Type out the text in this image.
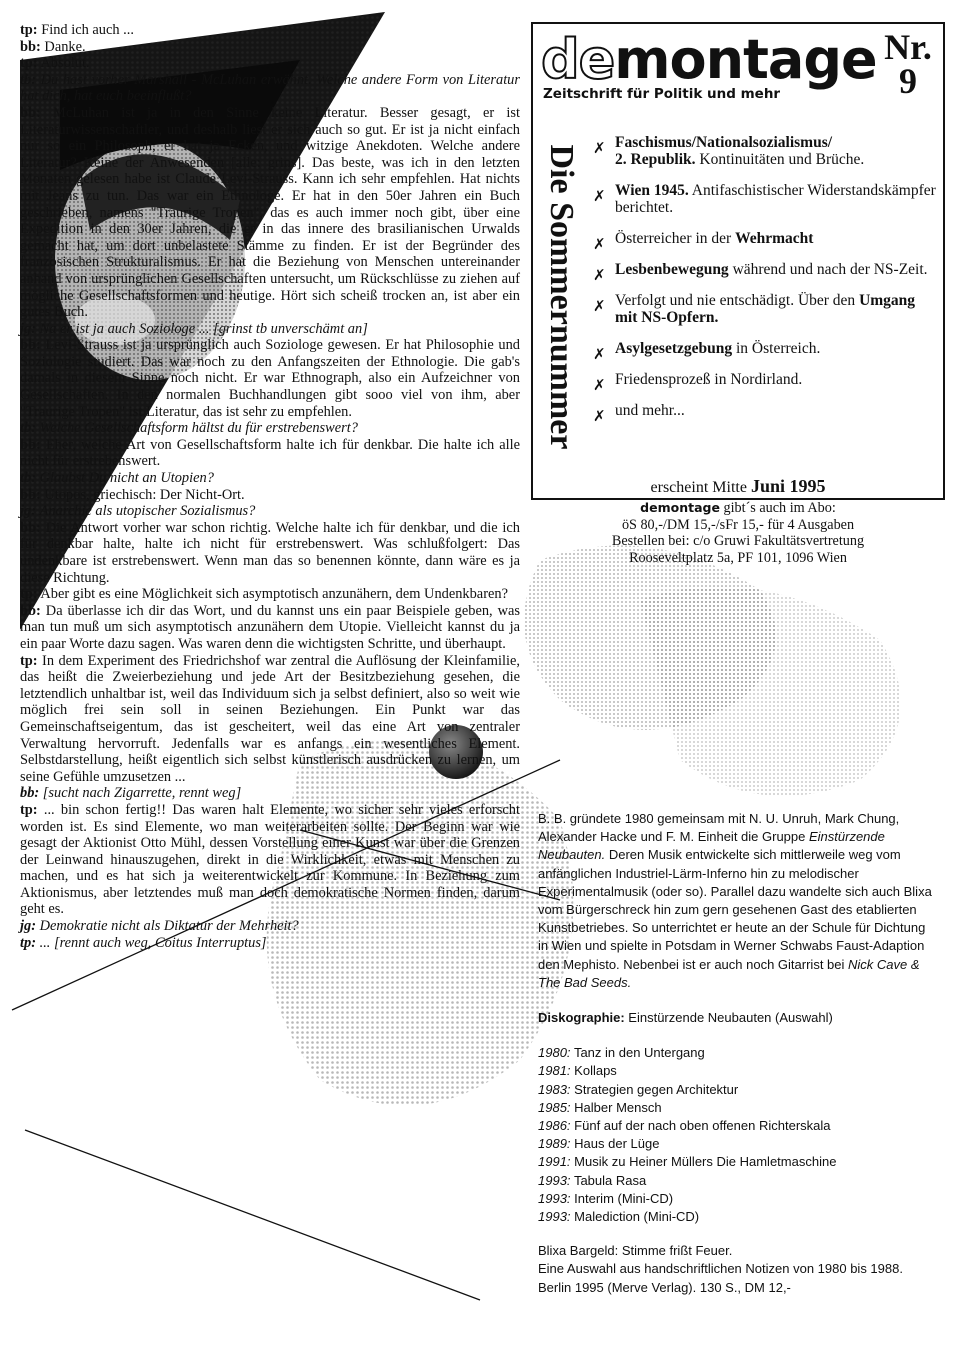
tp: Find ich auch ...

bb: Danke.

tp: Absolut.

tb: Du hast vorher Marshall - McLuhan erwähnt. Welche andere Form von Literatur hat dich, hat euch beeinflußt?

bb: McLuhan ist ja in den Sinne keine Literatur. Besser gesagt, er ist Literaturwissenschaftler, und deshalb liest er sich auch so gut. Er ist ja nicht einfach nur so ein Philosoph, er hat ja Ecken, und witzige Anekdoten. Welche andere Literatur? Keine der Anwesenden [alle: grins]. Das beste, was ich in den letzten Monaten gelesen habe ist Claude Levi-Strauss. Kann ich sehr empfehlen. Hat nichts mit Jeans zu tun. Das war ein Ethnologe. Er hat in den 50er Jahren ein Buch geschrieben, namens "Traurige Tropen", das es auch immer noch gibt, über eine Expedition in den 30er Jahren, die er in das innere des brasilianischen Urwalds gemacht hat, um dort unbelastete Stämme zu finden. Er ist der Begründer des französischen Strukturalismus. Er hat die Beziehung von Menschen untereinander anhand von ursprünglichen Gesellschaften untersucht, um Rückschlüsse zu ziehen auf mögliche Gesellschaftsformen und heutige. Hört sich scheiß trocken an, ist aber ein gutes Buch.

jg: Na er ist ja auch Soziologe ... [grinst tb unverschämt an]

bb: Levi-Strauss ist ja ursprünglich auch Soziologe gewesen. Er hat Philosophie und Soziologie studiert. Das war noch zu den Anfangszeiten der Ethnologie. Die gab's damals in diesem Sinne noch nicht. Er war Ethnograph, also ein Aufzeichner von Gesellschaften. In den normalen Buchhandlungen gibt sooo viel von ihm, aber "Traurige Tropen" ist Literatur, das ist sehr zu empfehlen.

tb: Welche Gesellschaftsform hältst du für erstrebenswert?

bb: Eher, welche Art von Gesellschaftsform halte ich für denkbar. Die halte ich alle nicht für erstrebenswert.

tb: Glaubst Du nicht an Utopien?

bb: Utopos, griechisch: Der Nicht-Ort.

jg: Anarchie als utopischer Sozialismus?

bb: Die Antwort vorher war schon richtig. Welche halte ich für denkbar, und die ich für denkbar halte, halte ich nicht für erstrebenswert. Was schlußfolgert: Das undenkbare ist erstrebenswert. Wenn man das so benennen könnte, dann wäre es ja diese Richtung.

tp: Aber gibt es eine Möglichkeit sich asymptotisch anzunähern, dem Undenkbaren?

bb: Da überlasse ich dir das Wort, und du kannst uns ein paar Beispiele geben, was man tun muß um sich asymptotisch anzunähern dem Utopie. Vielleicht kannst du ja ein paar Worte dazu sagen. Was waren denn die wichtigsten Schritte, und überhaupt.

tp: In dem Experiment des Friedrichshof war zentral die Auflösung der Kleinfamilie, das heißt die Zweierbeziehung und jede Art der Besitzbeziehung gesehen, die letztendlich unhaltbar ist, weil das Individuum sich ja selbst definiert, also so weit wie möglich frei sein soll in seinen Beziehungen. Ein Punkt war das Gemeinschaftseigentum, das ist gescheitert, weil das eine Art von zentraler Verwaltung hervorruft. Jedenfalls war es anfangs ein wesentliches Element. Selbstdarstellung, heißt eigentlich sich selbst künstlerisch ausdrücken zu lernen, um seine Gefühle umzusetzen ...

bb: [sucht nach Zigarrette, rennt weg]

tp: ... bin schon fertig!! Das waren halt Elemente, wo sicher sehr vieles erforscht worden ist. Es sind Elemente, wo man weiterarbeiten sollte. Der Beginn war wie gesagt der Aktionist Otto Mühl, dessen Vorstellung einer Kunst war über die Grenzen der Leinwand hinauszugehen, direkt in die Wirklichkeit, etwas mit Menschen zu machen, und es hat sich ja weiterentwickelt zur Kommune. In Beziehung zum Aktionismus, aber letztendes muß man doch demokratische Normen finden, darum geht es.

jg: Demokratie nicht als Diktatur der Mehrheit?

tp: ... [rennt auch weg, Coitus Interruptus]

demontage
Zeitschrift für Politik und mehr
Nr.
9
Die Sommernummer ✗ Faschismus/Nationalsozialismus/
2. Republik. Kontinuitäten und Brüche.
✗ Wien 1945. Antifaschistischer Widerstandskämpfer berichtet.
✗ Österreicher in der Wehrmacht
✗ Lesbenbewegung während und nach der NS-Zeit.
✗ Verfolgt und nie entschädigt. Über den Umgang mit NS-Opfern.
✗ Asylgesetzgebung in Österreich.
✗ Friedensprozeß in Nordirland.
✗ und mehr...
erscheint Mitte Juni 1995
demontage gibt´s auch im Abo:
öS 80,-/DM 15,-/sFr 15,- für 4 Ausgaben
Bestellen bei: c/o Gruwi Fakultätsvertretung
Rooseveltplatz 5a, PF 101, 1096 Wien

B. B. gründete 1980 gemeinsam mit N. U. Unruh, Mark Chung, Alexander Hacke und F. M. Einheit die Gruppe Einstürzende Neubauten. Deren Musik entwickelte sich mittlerweile weg vom anfänglichen Industriel-Lärm-Inferno hin zu melodischer Experimentalmusik (oder so). Parallel dazu wandelte sich auch Blixa vom Bürgerschreck hin zum gern gesehenen Gast des etablierten Kunstbetriebes. So unterrichtet er heute an der Schule für Dichtung in Wien und spielte in Potsdam in Werner Schwabs Faust-Adaption den Mephisto. Nebenbei ist er auch noch Gitarrist bei Nick Cave & The Bad Seeds.

Diskographie: Einstürzende Neubauten (Auswahl)

1980: Tanz in den Untergang
1981: Kollaps
1983: Strategien gegen Architektur
1985: Halber Mensch
1986: Fünf auf der nach oben offenen Richterskala
1989: Haus der Lüge
1991: Musik zu Heiner Müllers Die Hamletmaschine
1993: Tabula Rasa
1993: Interim (Mini-CD)
1993: Malediction (Mini-CD)
Blixa Bargeld: Stimme frißt Feuer.
Eine Auswahl aus handschriftlichen Notizen von 1980 bis 1988.
Berlin 1995 (Merve Verlag). 130 S., DM 12,-
